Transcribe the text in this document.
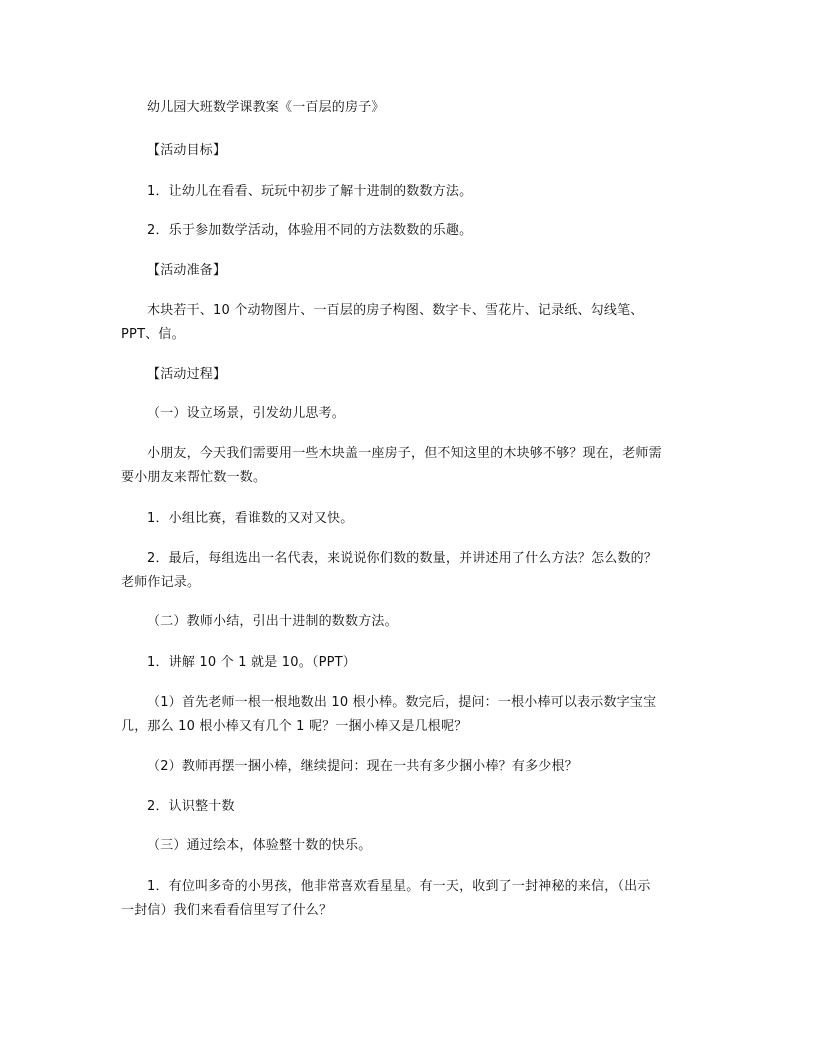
幼儿园大班数学课教案《一百层的房子》
【活动目标】
1．让幼儿在看看、玩玩中初步了解十进制的数数方法。
2．乐于参加数学活动，体验用不同的方法数数的乐趣。
【活动准备】
木块若干、10 个动物图片、一百层的房子构图、数字卡、雪花片、记录纸、勾线笔、
PPT、信。
【活动过程】
（一）设立场景，引发幼儿思考。
小朋友，今天我们需要用一些木块盖一座房子，但不知这里的木块够不够？现在，老师需
要小朋友来帮忙数一数。
1．小组比赛，看谁数的又对又快。
2．最后，每组选出一名代表，来说说你们数的数量，并讲述用了什么方法？怎么数的？
老师作记录。
（二）教师小结，引出十进制的数数方法。
1．讲解 10 个 1 就是 10。（PPT）
（1）首先老师一根一根地数出 10 根小棒。数完后，提问：一根小棒可以表示数字宝宝
几，那么 10 根小棒又有几个 1 呢？一捆小棒又是几根呢？
（2）教师再摆一捆小棒，继续提问：现在一共有多少捆小棒？有多少根？
2．认识整十数
（三）通过绘本，体验整十数的快乐。
1．有位叫多奇的小男孩，他非常喜欢看星星。有一天，收到了一封神秘的来信，（出示
一封信）我们来看看信里写了什么？
